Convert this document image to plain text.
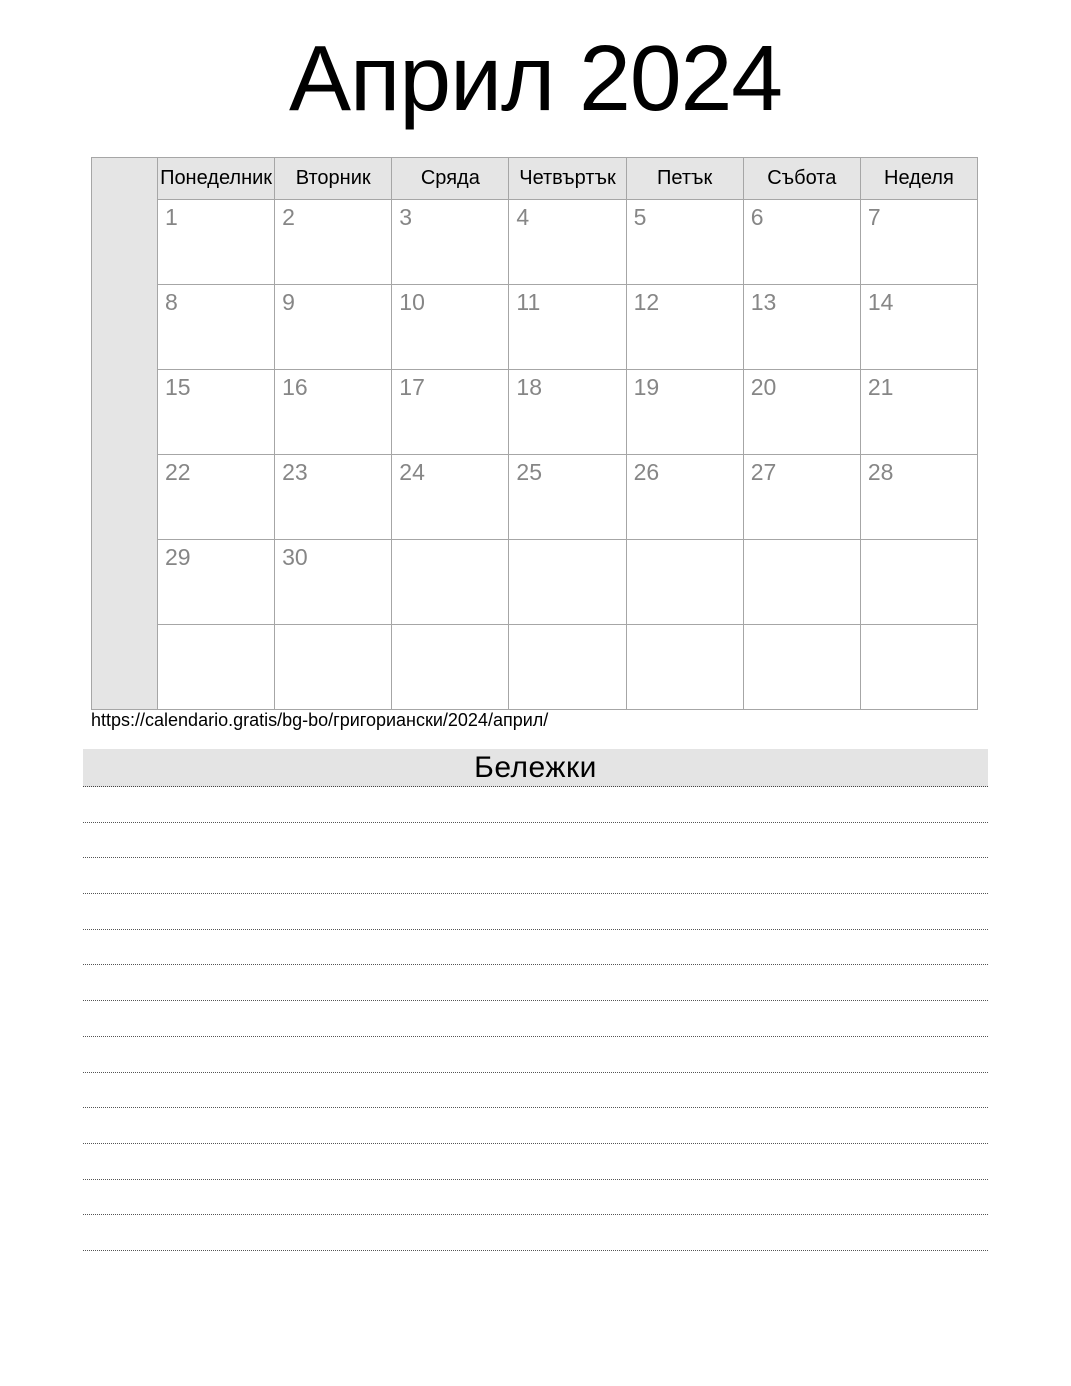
Април 2024
	Понеделник	Вторник	Сряда	Четвъртък	Петък	Събота	Неделя
	1	2	3	4	5	6	7
	8	9	10	11	12	13	14
	15	16	17	18	19	20	21
	22	23	24	25	26	27	28
	29	30					

https://calendario.gratis/bg-bo/григориански/2024/април/
Бележки
